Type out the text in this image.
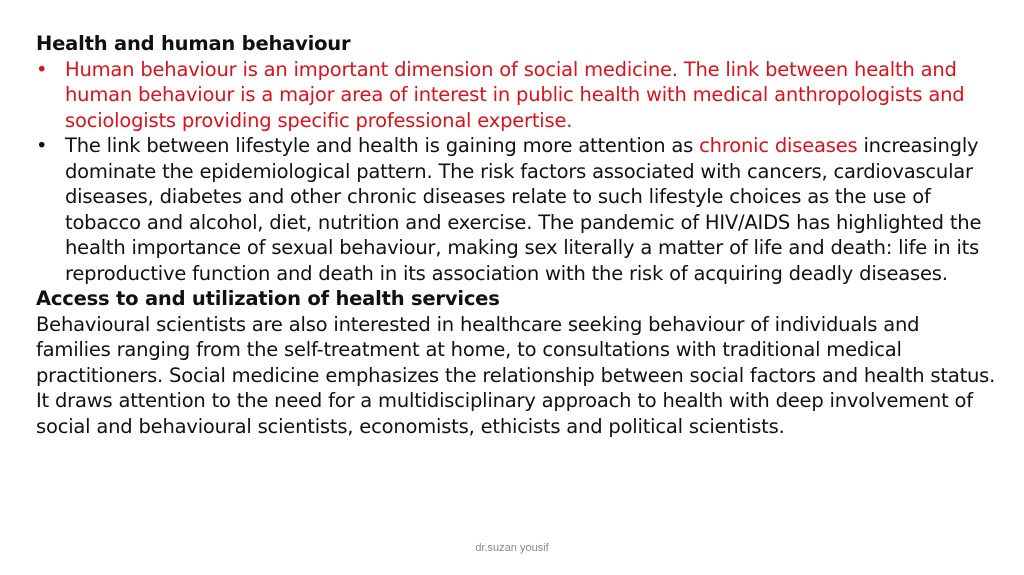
Health and human behaviour
• Human behaviour is an important dimension of social medicine. The link between health and human behaviour is a major area of interest in public health with medical anthropologists and sociologists providing specific professional expertise.
• The link between lifestyle and health is gaining more attention as chronic diseases increasingly dominate the epidemiological pattern. The risk factors associated with cancers, cardiovascular diseases, diabetes and other chronic diseases relate to such lifestyle choices as the use of tobacco and alcohol, diet, nutrition and exercise. The pandemic of HIV/AIDS has highlighted the health importance of sexual behaviour, making sex literally a matter of life and death: life in its reproductive function and death in its association with the risk of acquiring deadly diseases.
Access to and utilization of health services

Behavioural scientists are also interested in healthcare seeking behaviour of individuals and families ranging from the self-treatment at home, to consultations with traditional medical practitioners. Social medicine emphasizes the relationship between social factors and health status. It draws attention to the need for a multidisciplinary approach to health with deep involvement of social and behavioural scientists, economists, ethicists and political scientists.

dr.suzan yousif
